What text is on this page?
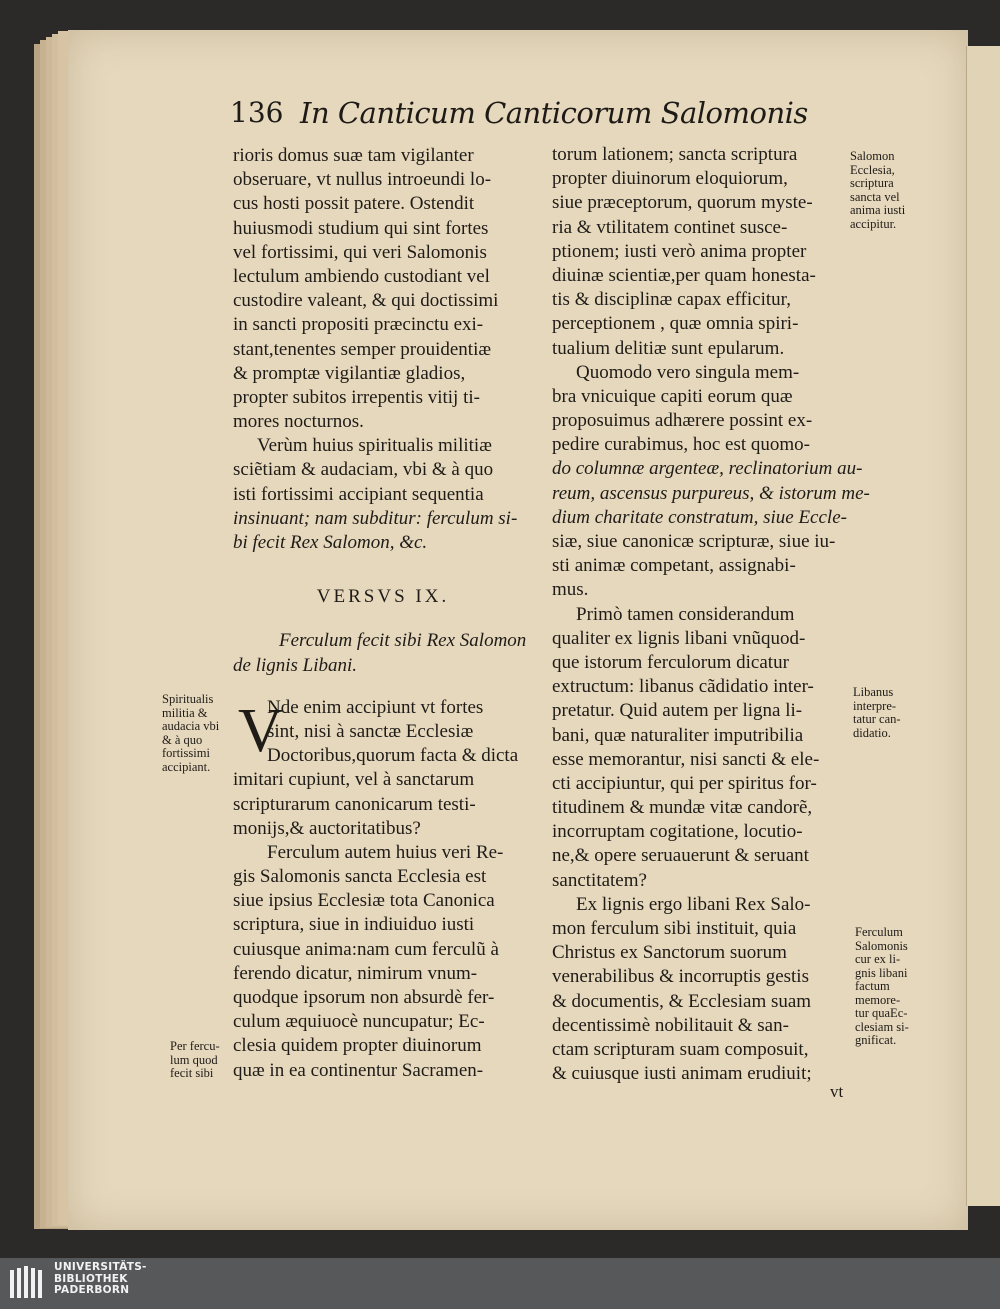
136 In Canticum Canticorum Salomonis
rioris domus suæ tam vigilanter
obseruare, vt nullus introeundi lo-
cus hosti possit patere. Ostendit
huiusmodi studium qui sint fortes
vel fortissimi, qui veri Salomonis
lectulum ambiendo custodiant vel
custodire valeant, & qui doctissimi
in sancti propositi præcinctu exi-
stant,tenentes semper prouidentiæ
& promptæ vigilantiæ gladios,
propter subitos irrepentis vitij ti-
mores nocturnos.
Verùm huius spiritualis militiæ
sciẽtiam & audaciam, vbi & à quo
isti fortissimi accipiant sequentia
insinuant; nam subditur: ferculum si-
bi fecit Rex Salomon, &c.
VERSVS IX.
Ferculum fecit sibi Rex Salomon
de lignis Libani.
Nde enim accipiunt vt fortes
sint, nisi à sanctæ Ecclesiæ
Doctoribus,quorum facta & dicta
imitari cupiunt, vel à sanctarum
scripturarum canonicarum testi-
monijs,& auctoritatibus?
Ferculum autem huius veri Re-
gis Salomonis sancta Ecclesia est
siue ipsius Ecclesiæ tota Canonica
scriptura, siue in indiuiduo iusti
cuiusque anima:nam cum ferculũ à
ferendo dicatur, nimirum vnum-
quodque ipsorum non absurdè fer-
culum æquiuocè nuncupatur; Ec-
clesia quidem propter diuinorum
quæ in ea continentur Sacramen-
V
torum lationem; sancta scriptura
propter diuinorum eloquiorum,
siue præceptorum, quorum myste-
ria & vtilitatem continet susce-
ptionem; iusti verò anima propter
diuinæ scientiæ,per quam honesta-
tis & disciplinæ capax efficitur,
perceptionem , quæ omnia spiri-
tualium delitiæ sunt epularum.
Quomodo vero singula mem-
bra vnicuique capiti eorum quæ
proposuimus adhærere possint ex-
pedire curabimus, hoc est quomo-
do columnæ argenteæ, reclinatorium au-
reum, ascensus purpureus, & istorum me-
dium charitate constratum, siue Eccle-
siæ, siue canonicæ scripturæ, siue iu-
sti animæ competant, assignabi-
mus.
Primò tamen considerandum
qualiter ex lignis libani vnũquod-
que istorum ferculorum dicatur
extructum: libanus cãdidatio inter-
pretatur. Quid autem per ligna li-
bani, quæ naturaliter imputribilia
esse memorantur, nisi sancti & ele-
cti accipiuntur, qui per spiritus for-
titudinem & mundæ vitæ candorẽ,
incorruptam cogitatione, locutio-
ne,& opere seruauerunt & seruant
sanctitatem?
Ex lignis ergo libani Rex Salo-
mon ferculum sibi instituit, quia
Christus ex Sanctorum suorum
venerabilibus & incorruptis gestis
& documentis, & Ecclesiam suam
decentissimè nobilitauit & san-
ctam scripturam suam composuit,
& cuiusque iusti animam erudiuit;
vt
Salomon
Ecclesia,
scriptura
sancta vel
anima iusti
accipitur.
Spiritualis
militia &
audacia vbi
& à quo
fortissimi
accipiant.
Libanus
interpre-
tatur can-
didatio.
Ferculum
Salomonis
cur ex li-
gnis libani
factum
memore-
tur quaEc-
clesiam si-
gnificat.
Per fercu-
lum quod
fecit sibi
UNIVERSITÄTS-
BIBLIOTHEK
PADERBORN
